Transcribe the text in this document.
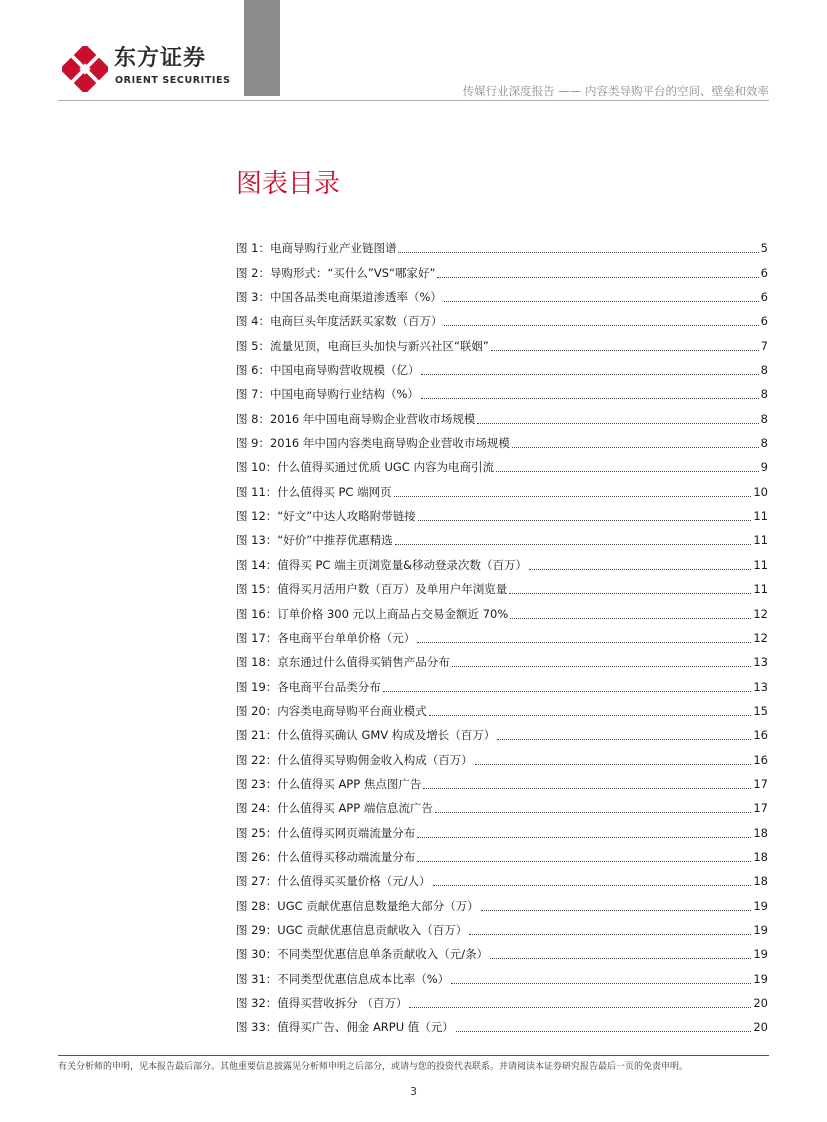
东方证券
ORIENT SECURITIES
传媒行业深度报告 —— 内容类导购平台的空间、壁垒和效率
图表目录
图 1：电商导购行业产业链图谱	5
图 2：导购形式：“买什么”VS“哪家好”	6
图 3：中国各品类电商渠道渗透率（%）	6
图 4：电商巨头年度活跃买家数（百万）	6
图 5：流量见顶，电商巨头加快与新兴社区“联姻”	7
图 6：中国电商导购营收规模（亿）	8
图 7：中国电商导购行业结构（%）	8
图 8：2016 年中国电商导购企业营收市场规模	8
图 9：2016 年中国内容类电商导购企业营收市场规模	8
图 10：什么值得买通过优质 UGC 内容为电商引流	9
图 11：什么值得买 PC 端网页	10
图 12：“好文”中达人攻略附带链接	11
图 13：“好价”中推荐优惠精选	11
图 14：值得买 PC 端主页浏览量&移动登录次数（百万）	11
图 15：值得买月活用户数（百万）及单用户年浏览量	11
图 16：订单价格 300 元以上商品占交易金额近 70%	12
图 17：各电商平台单单价格（元）	12
图 18：京东通过什么值得买销售产品分布	13
图 19：各电商平台品类分布	13
图 20：内容类电商导购平台商业模式	15
图 21：什么值得买确认 GMV 构成及增长（百万）	16
图 22：什么值得买导购佣金收入构成（百万）	16
图 23：什么值得买 APP 焦点图广告	17
图 24：什么值得买 APP 端信息流广告	17
图 25：什么值得买网页端流量分布	18
图 26：什么值得买移动端流量分布	18
图 27：什么值得买买量价格（元/人）	18
图 28：UGC 贡献优惠信息数量绝大部分（万）	19
图 29：UGC 贡献优惠信息贡献收入（百万）	19
图 30：不同类型优惠信息单条贡献收入（元/条）	19
图 31：不同类型优惠信息成本比率（%）	19
图 32：值得买营收拆分 （百万）	20
图 33：值得买广告、佣金 ARPU 值（元）	20
有关分析师的申明，见本报告最后部分。其他重要信息披露见分析师申明之后部分，或请与您的投资代表联系。并请阅读本证券研究报告最后一页的免责申明。
3
